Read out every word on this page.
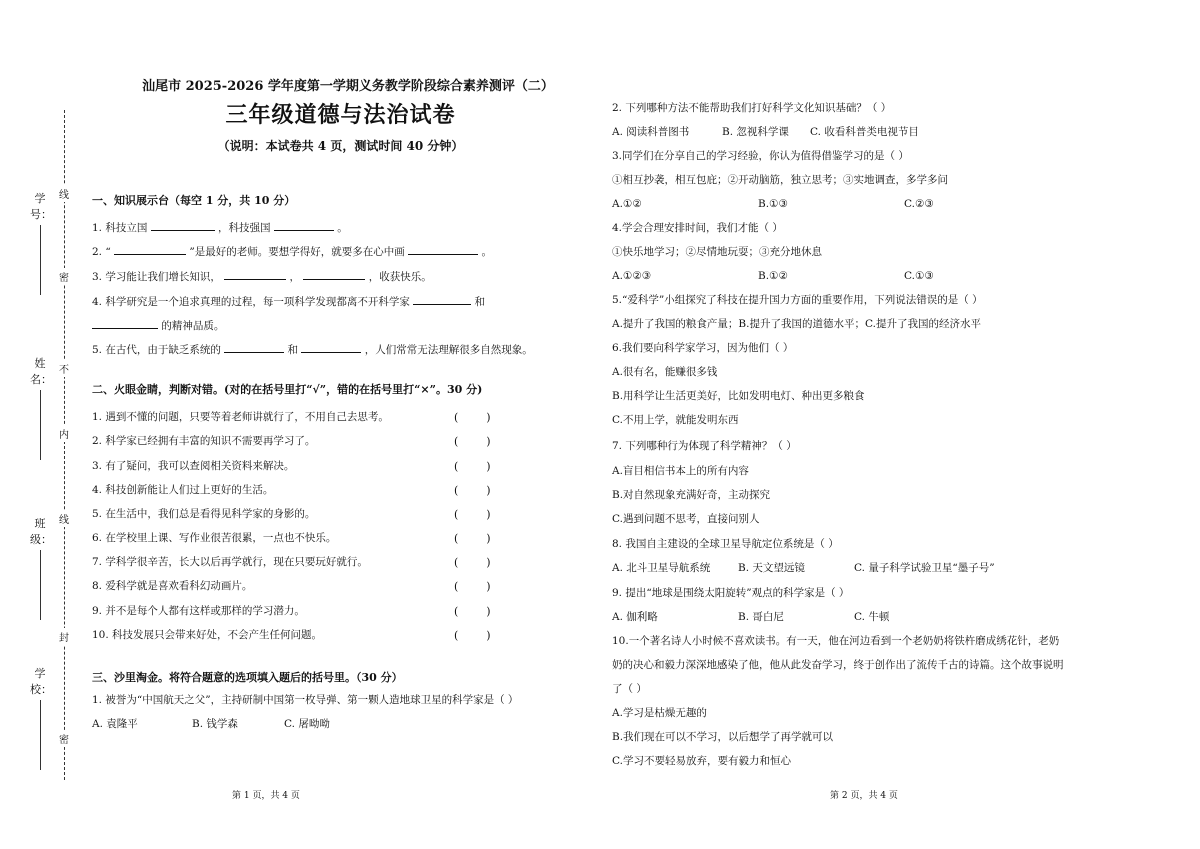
学号：
姓名：
班级：
学校：
线
密
不
内
线
封
密
汕尾市 2025-2026 学年度第一学期义务教学阶段综合素养测评（二）
三年级道德与法治试卷
（说明：本试卷共 4 页，测试时间 40 分钟）
一、知识展示台（每空 1 分，共 10 分）
1. 科技立国	，科技强国	。
2. “	”是最好的老师。要想学得好，就要多在心中画	。
3. 学习能让我们增长知识，	，	，收获快乐。
4. 科学研究是一个追求真理的过程，每一项科学发现都离不开科学家	和
的精神品质。
5. 在古代，由于缺乏系统的	和	，人们常常无法理解很多自然现象。
二、火眼金睛，判断对错。(对的在括号里打“√”，错的在括号里打“×”。30 分)
1. 遇到不懂的问题，只要等着老师讲就行了，不用自己去思考。	(        )
2. 科学家已经拥有丰富的知识不需要再学习了。	(        )
3. 有了疑问，我可以查阅相关资料来解决。	(        )
4. 科技创新能让人们过上更好的生活。	(        )
5. 在生活中，我们总是看得见科学家的身影的。	(        )
6. 在学校里上课、写作业很苦很累，一点也不快乐。	(        )
7. 学科学很辛苦，长大以后再学就行，现在只要玩好就行。	(        )
8. 爱科学就是喜欢看科幻动画片。	(        )
9. 并不是每个人都有这样或那样的学习潜力。	(        )
10. 科技发展只会带来好处，不会产生任何问题。	(        )
三、沙里淘金。将符合题意的选项填入题后的括号里。（30 分）
1. 被誉为“中国航天之父”，主持研制中国第一枚导弹、第一颗人造地球卫星的科学家是（ ）
A. 袁隆平	B. 钱学森	C. 屠呦呦
2. 下列哪种方法不能帮助我们打好科学文化知识基础？（ ）
A. 阅读科普图书	B. 忽视科学课 C. 收看科普类电视节目
3.同学们在分享自己的学习经验，你认为值得借鉴学习的是（ ）
①相互抄袭，相互包庇；②开动脑筋，独立思考；③实地调查，多学多问
A.①②	B.①③	C.②③
4.学会合理安排时间，我们才能（ ）
①快乐地学习；②尽情地玩耍；③充分地休息
A.①②③	B.①②	C.①③
5.“爱科学”小组探究了科技在提升国力方面的重要作用，下列说法错误的是（ ）
A.提升了我国的粮食产量；B.提升了我国的道德水平；C.提升了我国的经济水平
6.我们要向科学家学习，因为他们（ ）
A.很有名，能赚很多钱
B.用科学让生活更美好，比如发明电灯、种出更多粮食
C.不用上学，就能发明东西
7. 下列哪种行为体现了科学精神？（ ）
A.盲目相信书本上的所有内容
B.对自然现象充满好奇，主动探究
C.遇到问题不思考，直接问别人
8. 我国自主建设的全球卫星导航定位系统是（ ）
A. 北斗卫星导航系统	B. 天文望远镜	C. 量子科学试验卫星“墨子号”
9. 提出“地球是围绕太阳旋转”观点的科学家是（ ）
A. 伽利略	B. 哥白尼	C. 牛顿
10.一个著名诗人小时候不喜欢读书。有一天，他在河边看到一个老奶奶将铁杵磨成绣花针，老奶
奶的决心和毅力深深地感染了他，他从此发奋学习，终于创作出了流传千古的诗篇。这个故事说明
了（ ）
A.学习是枯燥无趣的
B.我们现在可以不学习，以后想学了再学就可以
C.学习不要轻易放弃，要有毅力和恒心
第 1 页，共 4 页	第 2 页，共 4 页
